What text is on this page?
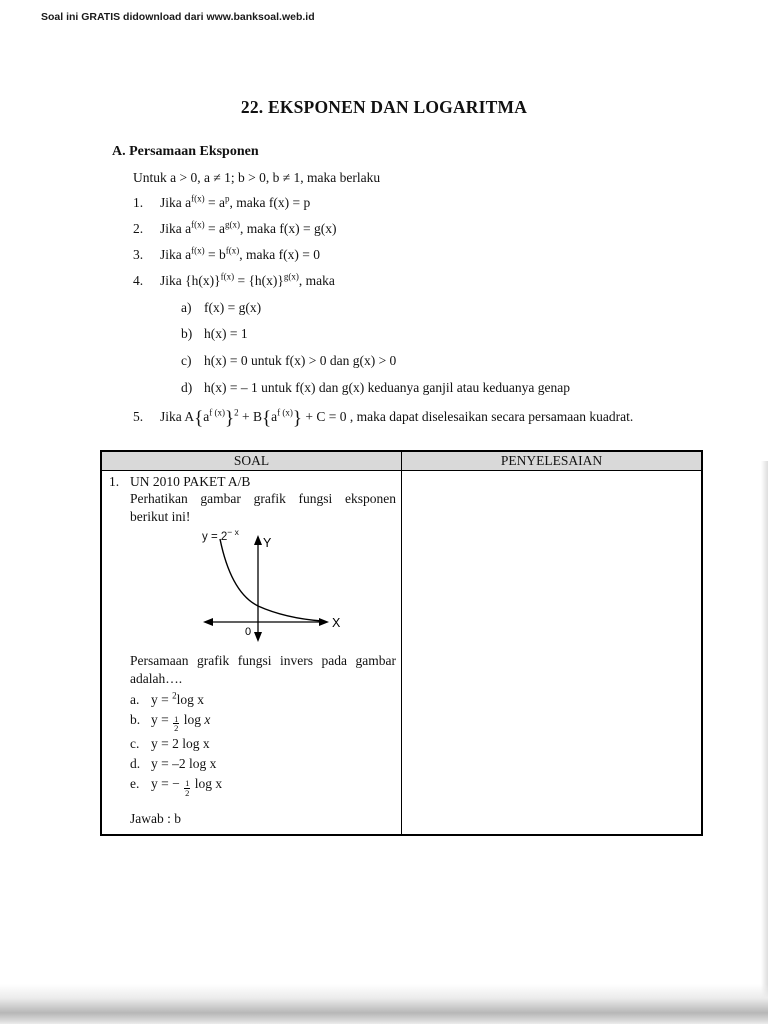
Soal ini GRATIS didownload dari www.banksoal.web.id
22. EKSPONEN DAN LOGARITMA
A. Persamaan Eksponen

Untuk a > 0, a ≠ 1; b > 0, b ≠ 1, maka berlaku

1.	Jika $a^{f(x)} = a^p$, maka f(x) = p
2.	Jika $a^{f(x)} = a^{g(x)}$, maka f(x) = g(x)
3.	Jika $a^{f(x)} = b^{f(x)}$, maka f(x) = 0
4.	Jika $\{h(x)\}^{f(x)} = \{h(x)\}^{g(x)}$, maka
a) f(x) = g(x)
b) h(x) = 1
c) h(x) = 0 untuk f(x) > 0 dan g(x) > 0
d) h(x) = – 1 untuk f(x) dan g(x) keduanya ganjil atau keduanya genap
5.	Jika $A\{a^{f (x)}\}^2 + B\{a^{f (x)}\} + C = 0$ , maka dapat diselesaikan secara persamaan kuadrat.
SOAL	PENYELESAIAN

1. UN 2010 PAKET A/B

Perhatikan gambar grafik fungsi eksponen berikut ini!

$y = 2^{- x}$
X
Y
0

Persamaan grafik fungsi invers pada gambar adalah….

a. y = $^2$log x
b. $y = \frac{1}{2}$ log x
c. y = 2 log x
d. y = –2 log x
e. y = − $\frac{1}{2}$ log x

Jawab : b
